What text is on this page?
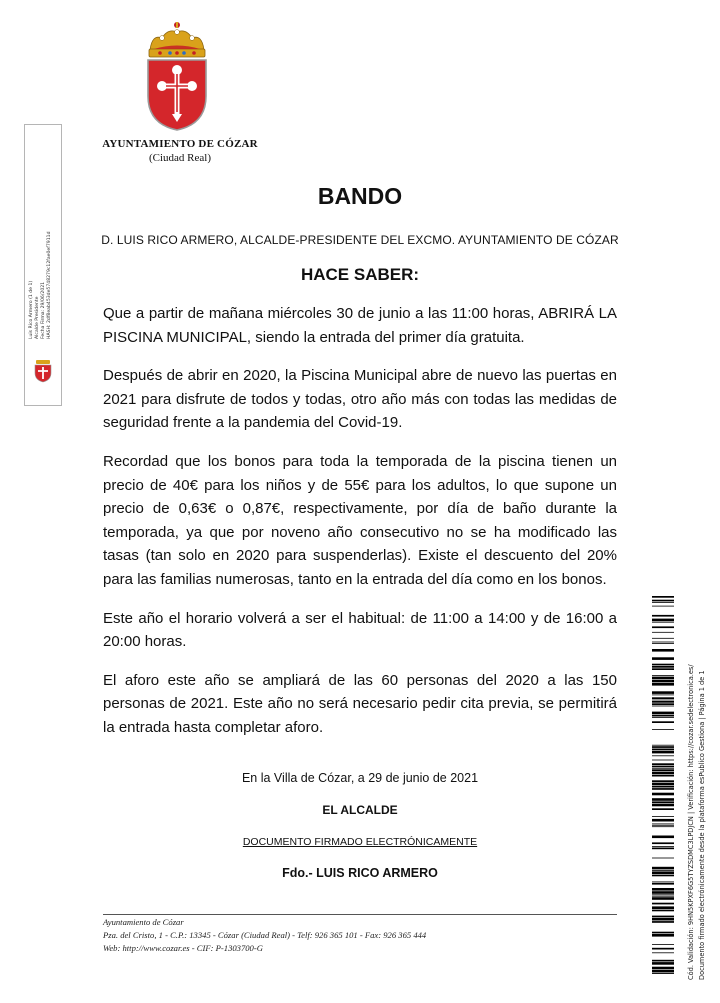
AYUNTAMIENTO DE CÓZAR
(Ciudad Real)
Luis Rico Armero (1 de 1) Alcalde Presidente Fecha Firma: 29/06/2021 HASH: 2df8eab453de5748279c12fae0ef7911d
BANDO
D. LUIS RICO ARMERO, ALCALDE-PRESIDENTE DEL EXCMO. AYUNTAMIENTO DE CÓZAR
HACE SABER:

Que a partir de mañana miércoles 30 de junio a las 11:00 horas, ABRIRÁ LA PISCINA MUNICIPAL, siendo la entrada del primer día gratuita.

Después de abrir en 2020, la Piscina Municipal abre de nuevo las puertas en 2021 para disfrute de todos y todas, otro año más con todas las medidas de seguridad frente a la pandemia del Covid-19.

Recordad que los bonos para toda la temporada de la piscina tienen un precio de 40€ para los niños y de 55€ para los adultos, lo que supone un precio de 0,63€ o 0,87€, respectivamente, por día de baño durante la temporada, ya que por noveno año consecutivo no se ha modificado las tasas (tan solo en 2020 para suspenderlas). Existe el descuento del 20% para las familias numerosas, tanto en la entrada del día como en los bonos.

Este año el horario volverá a ser el habitual: de 11:00 a 14:00 y de 16:00 a 20:00 horas.

El aforo este año se ampliará de las 60 personas del 2020 a las 150 personas de 2021. Este año no será necesario pedir cita previa, se permitirá la entrada hasta completar aforo.

En la Villa de Cózar, a 29 de junio de 2021
EL ALCALDE
DOCUMENTO FIRMADO ELECTRÓNICAMENTE
Fdo.- LUIS RICO ARMERO
Ayuntamiento de Cózar
Pza. del Cristo, 1 - C.P.: 13345 - Cózar (Ciudad Real) - Telf: 926 365 101 - Fax: 926 365 444
Web: http://www.cozar.es - CIF: P-1303700-G	Cód. Validación: 9HN5KPXF6G5TYZSDMC3LPDJCN | Verificación: https://cozar.sedelectronica.es/ Documento firmado electrónicamente desde la plataforma esPublico Gestiona | Página 1 de 1
